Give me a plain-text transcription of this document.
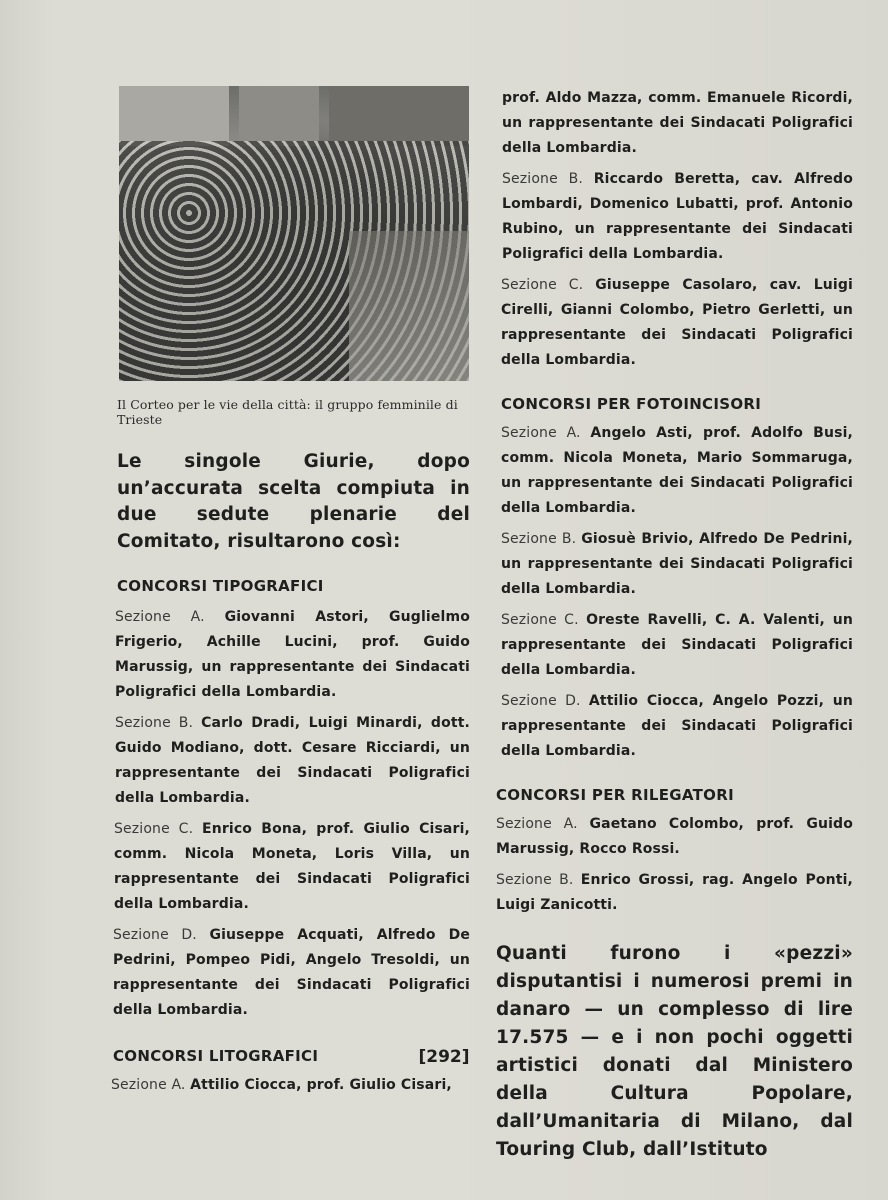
Il Corteo per le vie della città: il gruppo femminile di Trieste

Le singole Giurie, dopo un’accurata scelta compiuta in due sedute plenarie del Comitato, risultarono così:

CONCORSI TIPOGRAFICI

Sezione A. Giovanni Astori, Guglielmo Frigerio, Achille Lucini, prof. Guido Marussig, un rappresentante dei Sindacati Poligrafici della Lombardia.

Sezione B. Carlo Dradi, Luigi Minardi, dott. Guido Modiano, dott. Cesare Ricciardi, un rappresentante dei Sindacati Poligrafici della Lombardia.

Sezione C. Enrico Bona, prof. Giulio Cisari, comm. Nicola Moneta, Loris Villa, un rappresentante dei Sindacati Poligrafici della Lombardia.

Sezione D. Giuseppe Acquati, Alfredo De Pedrini, Pompeo Pidi, Angelo Tresoldi, un rappresentante dei Sindacati Poligrafici della Lombardia.

CONCORSI LITOGRAFICI

Sezione A. Attilio Ciocca, prof. Giulio Cisari,

prof. Aldo Mazza, comm. Emanuele Ricordi, un rappresentante dei Sindacati Poligrafici della Lombardia.

Sezione B. Riccardo Beretta, cav. Alfredo Lombardi, Domenico Lubatti, prof. Antonio Rubino, un rappresentante dei Sindacati Poligrafici della Lombardia.

Sezione C. Giuseppe Casolaro, cav. Luigi Cirelli, Gianni Colombo, Pietro Gerletti, un rappresentante dei Sindacati Poligrafici della Lombardia.

CONCORSI PER FOTOINCISORI

Sezione A. Angelo Asti, prof. Adolfo Busi, comm. Nicola Moneta, Mario Sommaruga, un rappresentante dei Sindacati Poligrafici della Lombardia.

Sezione B. Giosuè Brivio, Alfredo De Pedrini, un rappresentante dei Sindacati Poligrafici della Lombardia.

Sezione C. Oreste Ravelli, C. A. Valenti, un rappresentante dei Sindacati Poligrafici della Lombardia.

Sezione D. Attilio Ciocca, Angelo Pozzi, un rappresentante dei Sindacati Poligrafici della Lombardia.

CONCORSI PER RILEGATORI

Sezione A. Gaetano Colombo, prof. Guido Marussig, Rocco Rossi.

Sezione B. Enrico Grossi, rag. Angelo Ponti, Luigi Zanicotti.

Quanti furono i «pezzi» disputantisi i numerosi premi in danaro — un complesso di lire 17.575 — e i non pochi oggetti artistici donati dal Ministero della Cultura Popolare, dall’Umanitaria di Milano, dal Touring Club, dall’Istituto

[292]
